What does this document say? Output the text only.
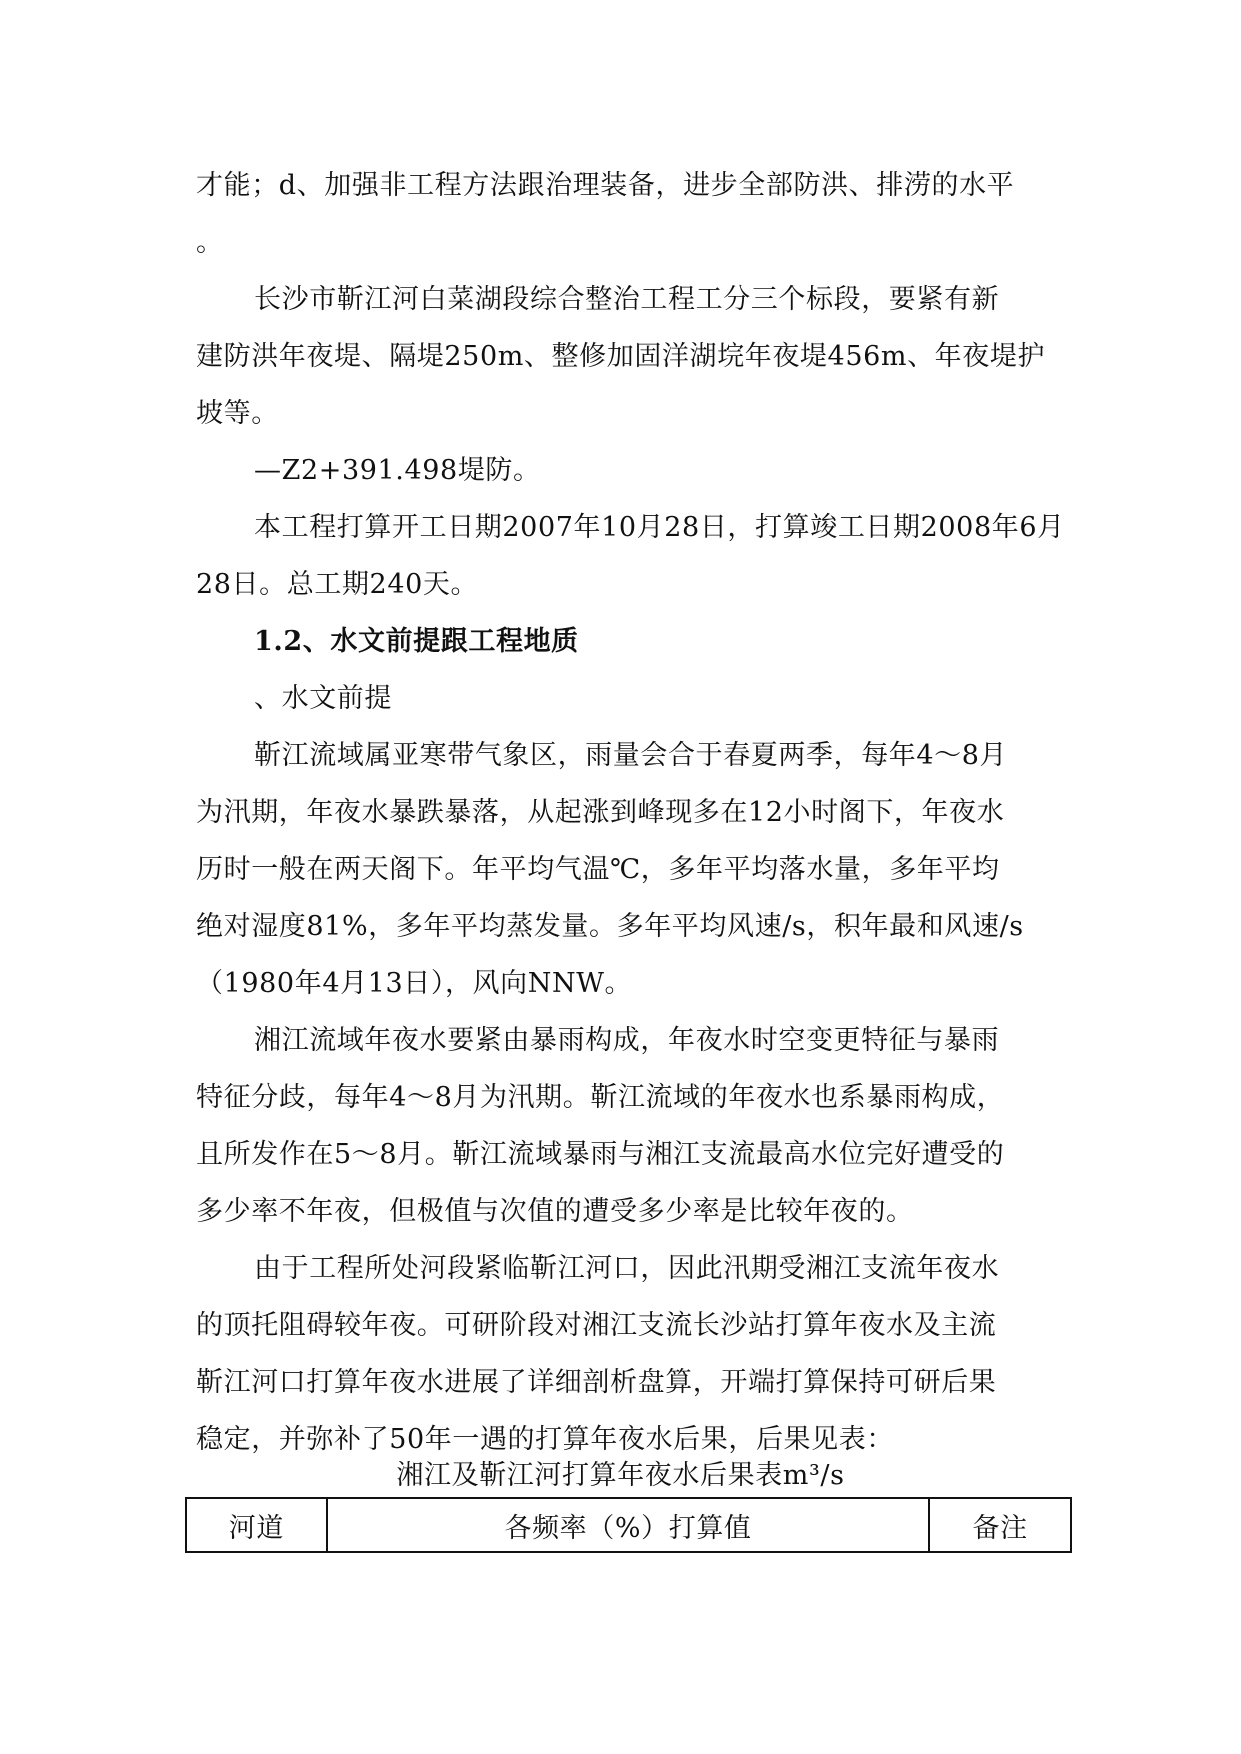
才能；d、加强非工程方法跟治理装备，进步全部防洪、排涝的水平
。
长沙市靳江河白菜湖段综合整治工程工分三个标段，要紧有新
建防洪年夜堤、隔堤250m、整修加固洋湖垸年夜堤456m、年夜堤护
坡等。
—Z2+391.498堤防。
本工程打算开工日期2007年10月28日，打算竣工日期2008年6月
28日。总工期240天。
1.2、水文前提跟工程地质
、水文前提
靳江流域属亚寒带气象区，雨量会合于春夏两季，每年4～8月
为汛期，年夜水暴跌暴落，从起涨到峰现多在12小时阁下，年夜水
历时一般在两天阁下。年平均气温℃，多年平均落水量，多年平均
绝对湿度81%，多年平均蒸发量。多年平均风速/s，积年最和风速/s
（1980年4月13日），风向NNW。
湘江流域年夜水要紧由暴雨构成，年夜水时空变更特征与暴雨
特征分歧，每年4～8月为汛期。靳江流域的年夜水也系暴雨构成，
且所发作在5～8月。靳江流域暴雨与湘江支流最高水位完好遭受的
多少率不年夜，但极值与次值的遭受多少率是比较年夜的。
由于工程所处河段紧临靳江河口，因此汛期受湘江支流年夜水
的顶托阻碍较年夜。可研阶段对湘江支流长沙站打算年夜水及主流
靳江河口打算年夜水进展了详细剖析盘算，开端打算保持可研后果
稳定，并弥补了50年一遇的打算年夜水后果，后果见表：
湘江及靳江河打算年夜水后果表m³/s
河道	各频率（%）打算值	备注
